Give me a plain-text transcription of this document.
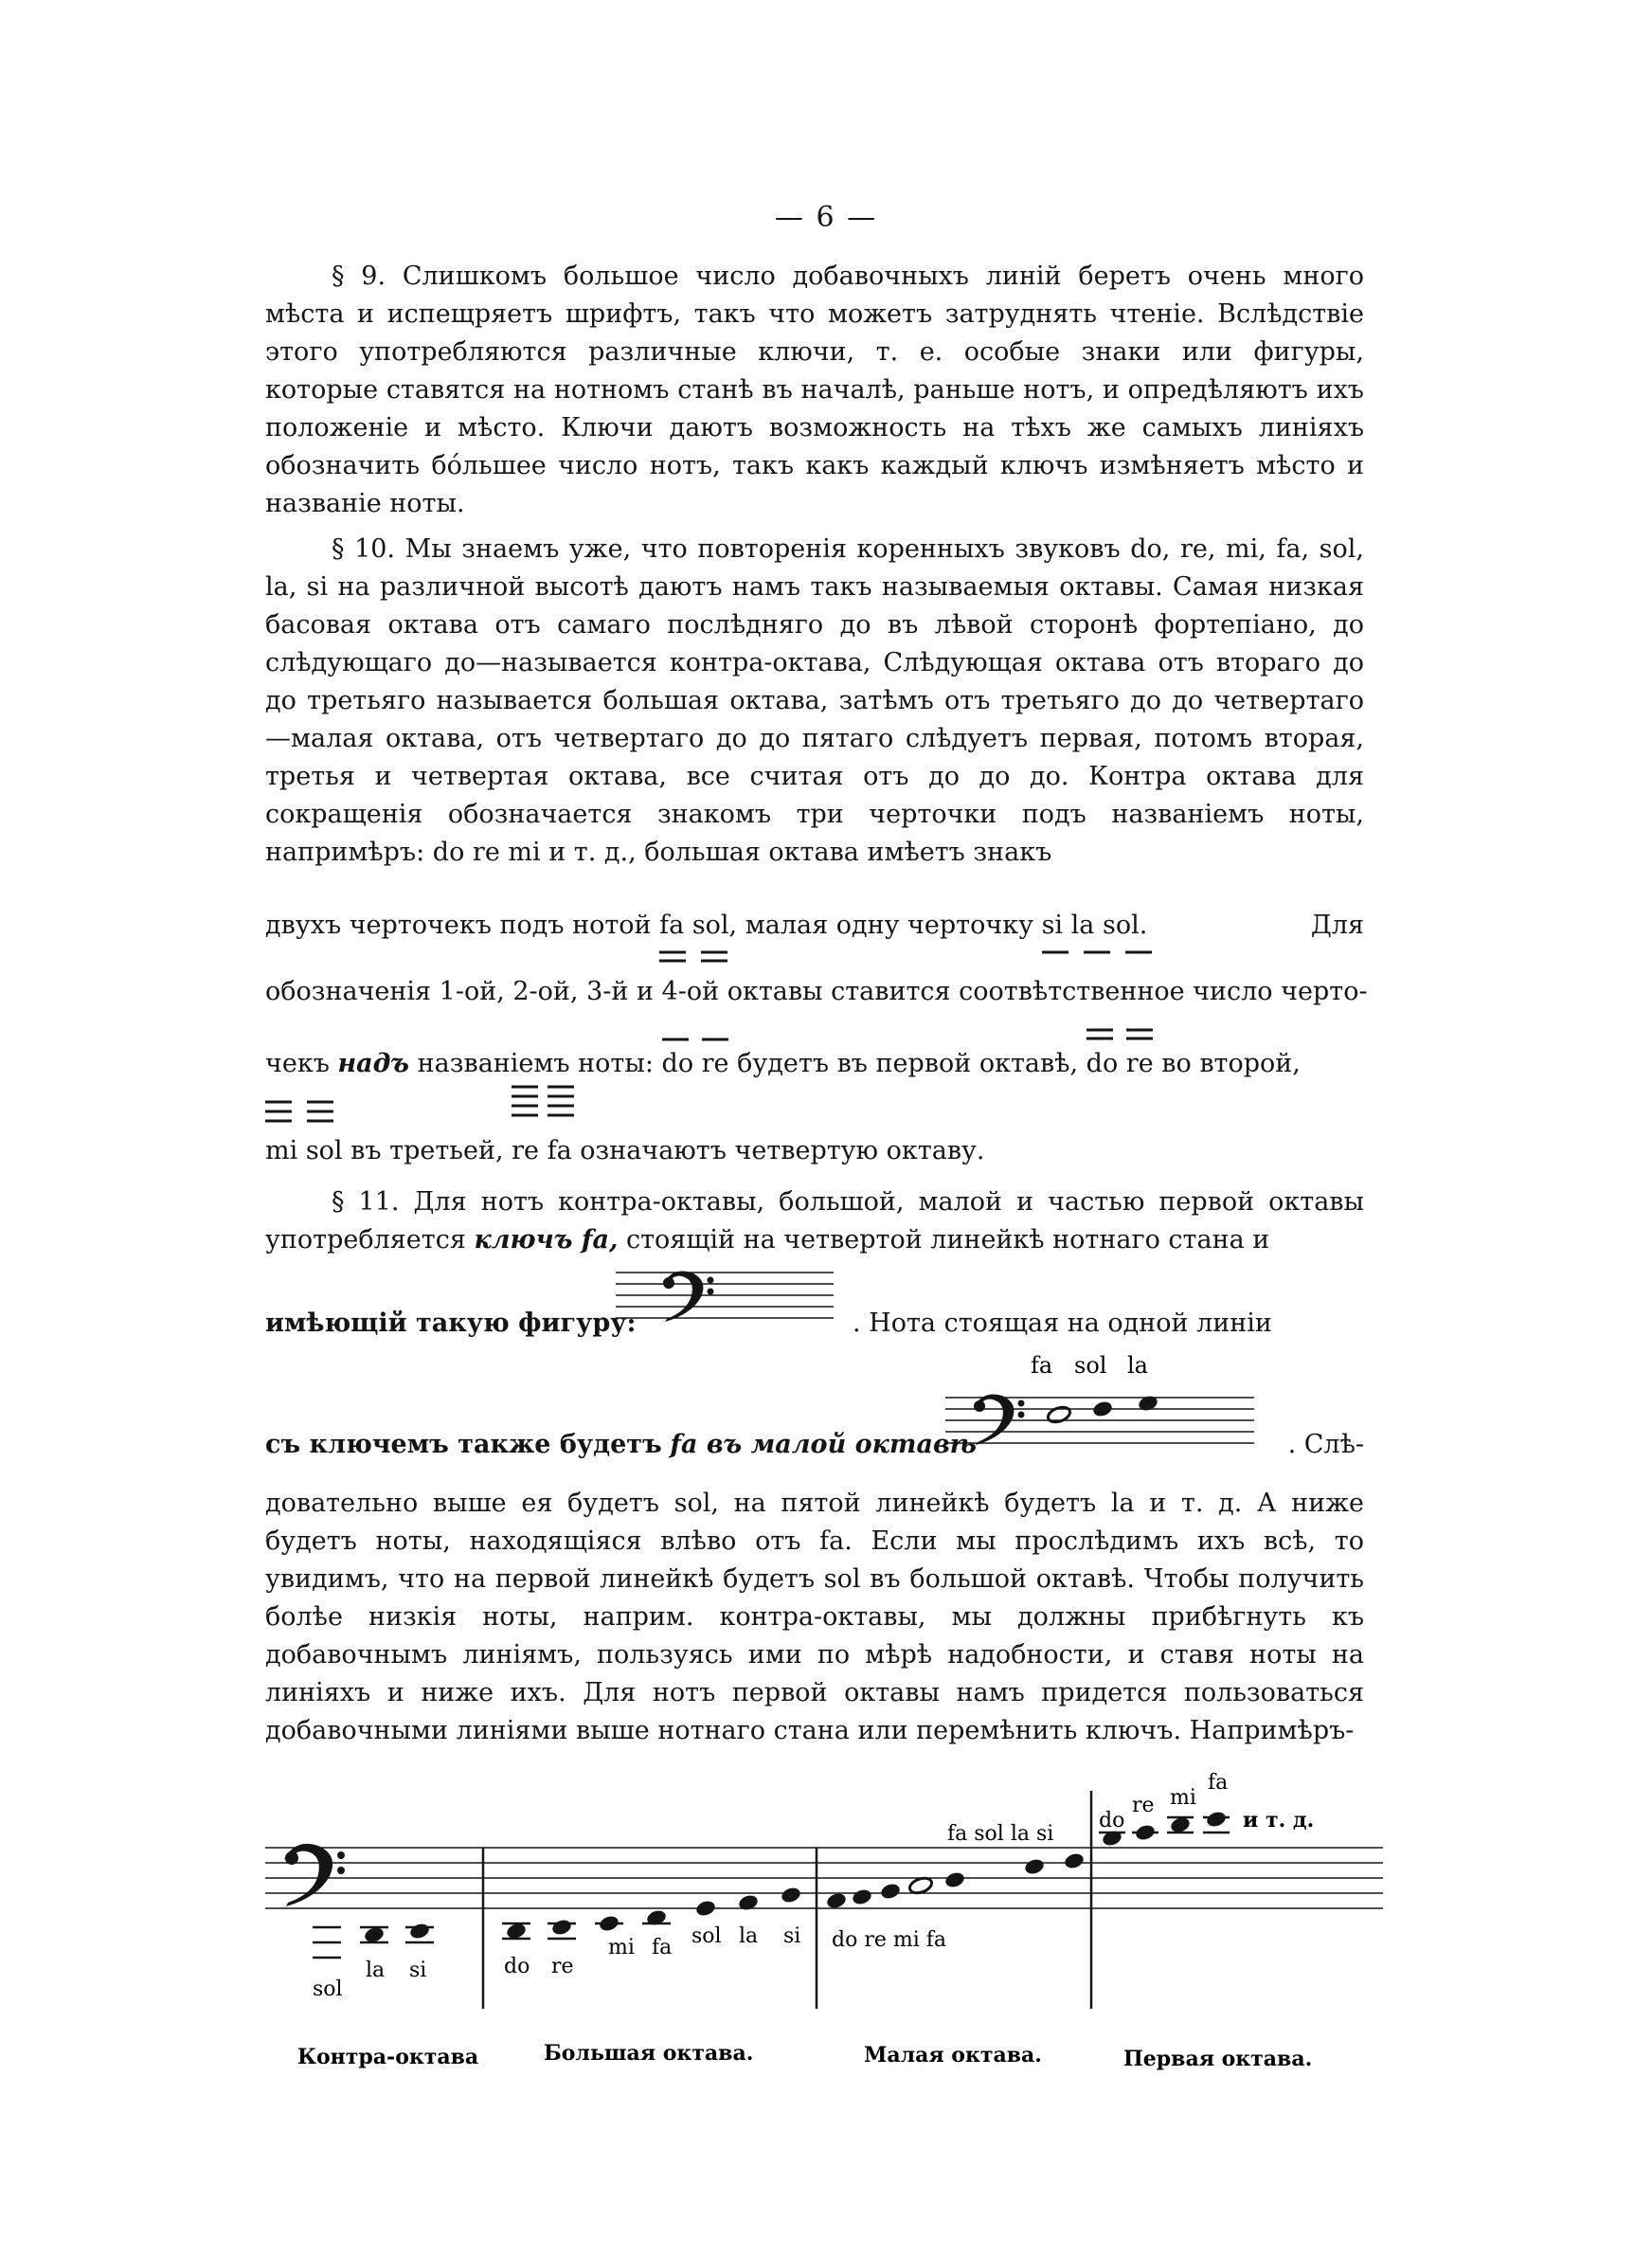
— 6 —

§ 9. Слишкомъ большое число добавочныхъ линій беретъ очень много мѣста и испещряетъ шрифтъ, такъ что можетъ затруднять чтеніе. Вслѣдствіе этого употребляются различные ключи, т. е. особые знаки или фигуры, которые ставятся на нотномъ станѣ въ началѣ, раньше нотъ, и опредѣляютъ ихъ положеніе и мѣсто. Ключи даютъ возможность на тѣхъ же самыхъ линіяхъ обозначить бо́льшее число нотъ, такъ какъ каждый ключъ измѣняетъ мѣсто и названіе ноты.

§ 10. Мы знаемъ уже, что повторенія коренныхъ звуковъ do, re, mi, fa, sol, la, si на различной высотѣ даютъ намъ такъ называемыя октавы. Самая низкая басовая октава отъ самаго послѣдняго до въ лѣвой сторонѣ фортепіано, до слѣдующаго до—называется контра-октава, Слѣдующая октава отъ втораго до до третьяго называется большая октава, затѣмъ отъ третьяго до до четвертаго—малая октава, отъ четвертаго до до пятаго слѣдуетъ первая, потомъ вторая, третья и четвертая октава, все считая отъ до до до. Контра октава для сокращенія обозначается знакомъ три черточки подъ названіемъ ноты, напримѣръ: do re mi и т. д., большая октава имѣетъ знакъ

двухъ черточекъ подъ нотой fa sol, малая одну черточку si la sol.	Для
обозначенія 1-ой, 2-ой, 3-й и 4-ой октавы ставится соотвѣтственное число черто-
чекъ надъ названіемъ ноты: do re будетъ въ первой октавѣ, do re во второй,
mi sol въ третьей, re fa означаютъ четвертую октаву.
§ 11. Для нотъ контра-октавы, большой, малой и частью первой октавы употребляется ключъ fa, стоящій на четвертой линейкѣ нотнаго стана и
имѣющій такую фигуру:	. Нота стоящая на одной линіи
съ ключемъ также будетъ fa въ малой октавѣ
fa sol la
. Слѣ-
довательно выше ея будетъ sol, на пятой линейкѣ будетъ la и т. д. А ниже будетъ ноты, находящіяся влѣво отъ fa. Если мы прослѣдимъ ихъ всѣ, то увидимъ, что на первой линейкѣ будетъ sol въ большой октавѣ. Чтобы получить болѣе низкія ноты, наприм. контра-октавы, мы должны прибѣгнуть къ добавочнымъ линіямъ, пользуясь ими по мѣрѣ надобности, и ставя ноты на линіяхъ и ниже ихъ. Для нотъ первой октавы намъ придется пользоваться добавочными линіями выше нотнаго стана или перемѣнить ключъ. Напримѣръ-
sol
la si
Контра-октава
do re
mi fa sol la si
Большая октава.
do re mi fa
fa sol la si
Малая октава.
do
re mi
fa
и т. д.
Первая октава.
